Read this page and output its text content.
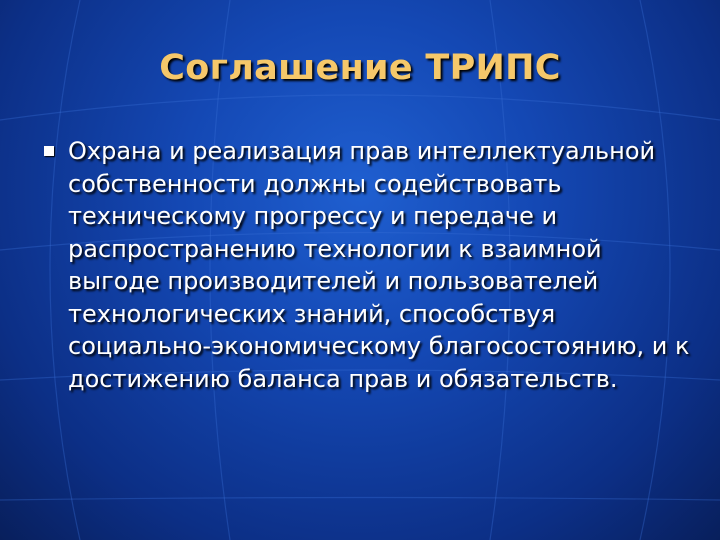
Соглашение ТРИПС
Охрана и реализация прав интеллектуальной собственности должны содействовать техническому прогрессу и передаче и распространению технологии к взаимной выгоде производителей и пользователей технологических знаний, способствуя социально-экономическому благосостоянию, и к достижению баланса прав и обязательств.
